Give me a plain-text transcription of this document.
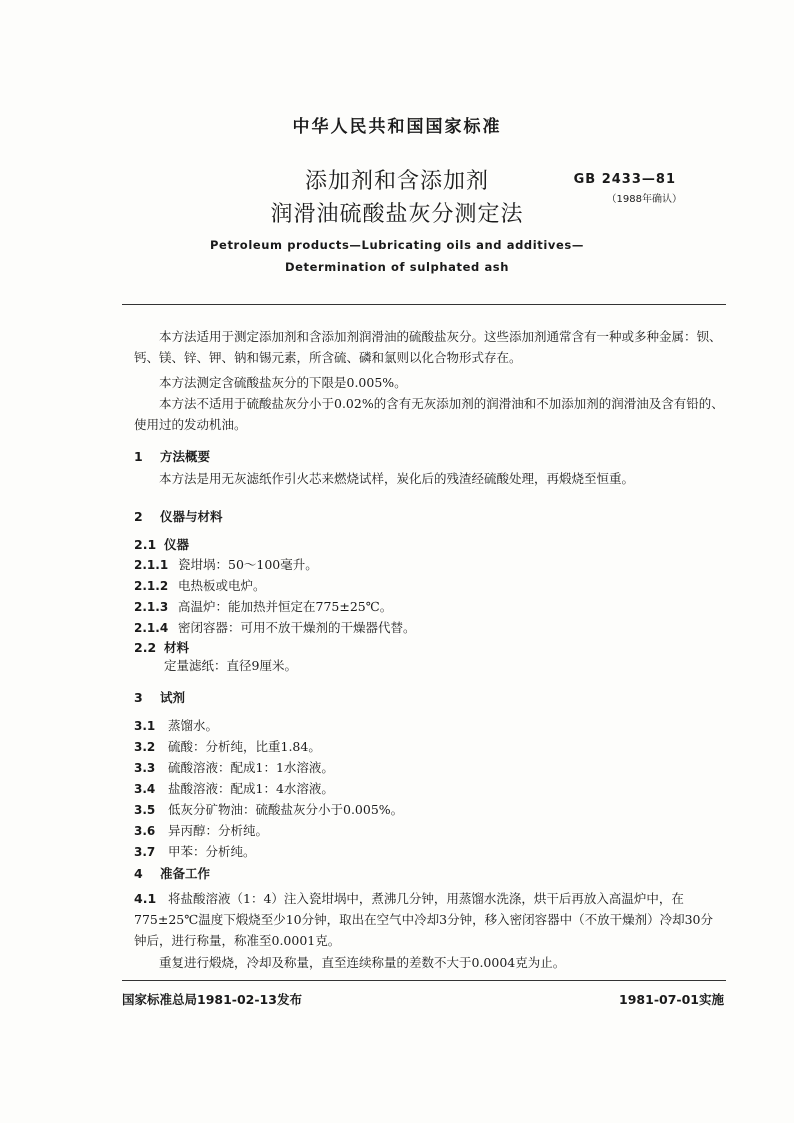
中华人民共和国国家标准
添加剂和含添加剂
润滑油硫酸盐灰分测定法
GB 2433—81
（1988年确认）
Petroleum products—Lubricating oils and additives—
Determination of sulphated ash
本方法适用于测定添加剂和含添加剂润滑油的硫酸盐灰分。这些添加剂通常含有一种或多种金属：钡、钙、镁、锌、钾、钠和锡元素，所含硫、磷和氯则以化合物形式存在。
本方法测定含硫酸盐灰分的下限是0.005%。
本方法不适用于硫酸盐灰分小于0.02%的含有无灰添加剂的润滑油和不加添加剂的润滑油及含有铅的、使用过的发动机油。
1 方法概要
本方法是用无灰滤纸作引火芯来燃烧试样，炭化后的残渣经硫酸处理，再煅烧至恒重。
2 仪器与材料
2.1 仪器
2.1.1 瓷坩埚：50～100毫升。
2.1.2 电热板或电炉。
2.1.3 高温炉：能加热并恒定在775±25℃。
2.1.4 密闭容器：可用不放干燥剂的干燥器代替。
2.2 材料
定量滤纸：直径9厘米。
3 试剂
3.1 蒸馏水。
3.2 硫酸：分析纯，比重1.84。
3.3 硫酸溶液：配成1：1水溶液。
3.4 盐酸溶液：配成1：4水溶液。
3.5 低灰分矿物油：硫酸盐灰分小于0.005%。
3.6 异丙醇：分析纯。
3.7 甲苯：分析纯。
4 准备工作
4.1 将盐酸溶液（1：4）注入瓷坩埚中，煮沸几分钟，用蒸馏水洗涤，烘干后再放入高温炉中，在775±25℃温度下煅烧至少10分钟，取出在空气中冷却3分钟，移入密闭容器中（不放干燥剂）冷却30分钟后，进行称量，称准至0.0001克。
重复进行煅烧，冷却及称量，直至连续称量的差数不大于0.0004克为止。
国家标准总局1981-02-13发布	1981-07-01实施
